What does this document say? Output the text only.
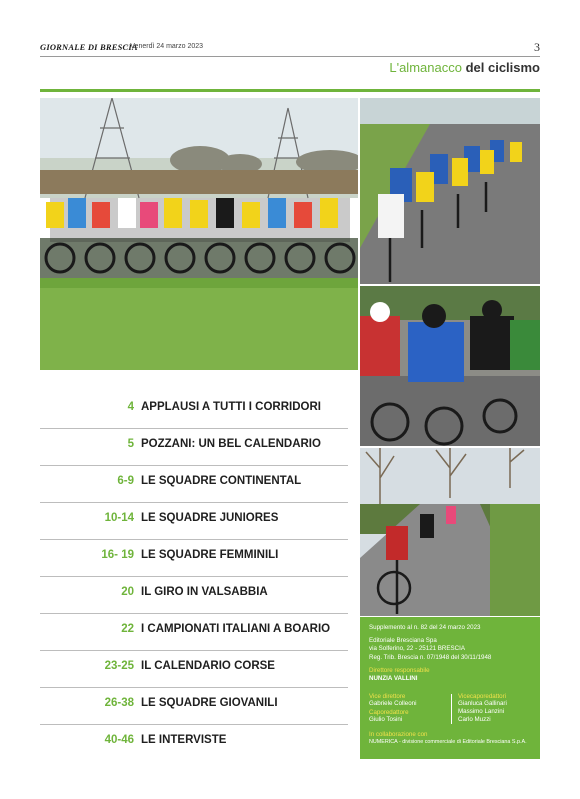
GIORNALE DI BRESCIA
· Venerdì 24 marzo 2023	3
L'almanacco del ciclismo
4 APPLAUSI A TUTTI I CORRIDORI
5 POZZANI: UN BEL CALENDARIO
6-9 LE SQUADRE CONTINENTAL
10-14 LE SQUADRE JUNIORES
16- 19 LE SQUADRE FEMMINILI
20 IL GIRO IN VALSABBIA
22 I CAMPIONATI ITALIANI A BOARIO
23-25 IL CALENDARIO CORSE
26-38 LE SQUADRE GIOVANILI
40-46 LE INTERVISTE
Supplemento al n. 82 del 24 marzo 2023
Editoriale Bresciana Spa
via Solferino, 22 - 25121 BRESCIA
Reg. Trib. Brescia n. 07/1948 del 30/11/1948
Direttore responsabile
NUNZIA VALLINI
Vice direttore
Gabriele Colleoni
Caporedattore
Giulio Tosini
Vicecaporedattori
Gianluca Gallinari
Massimo Lanzini
Carlo Muzzi
In collaborazione con
NUMERICA - divisione commerciale di Editoriale Bresciana S.p.A.
